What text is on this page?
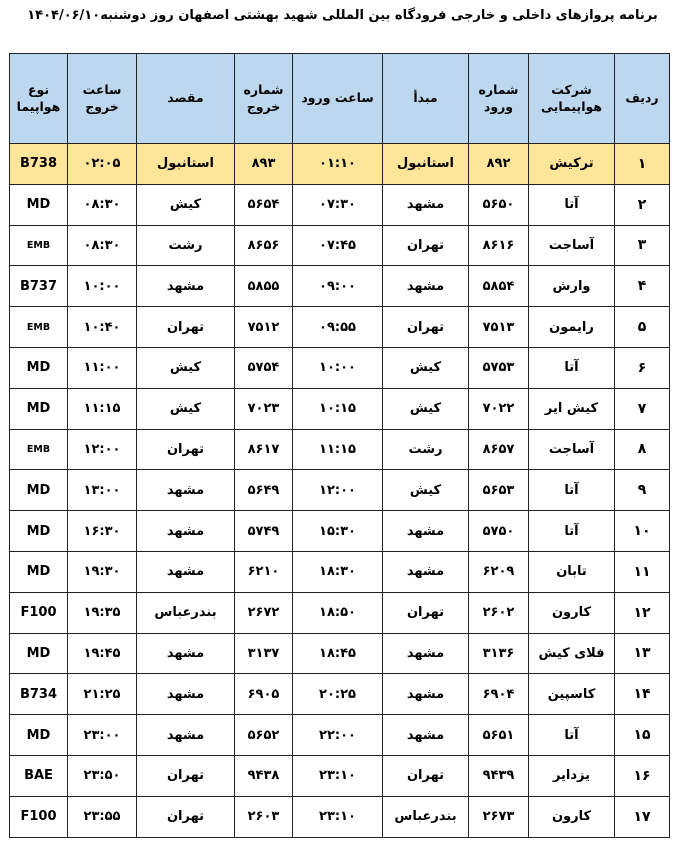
برنامه پروازهای داخلی و خارجی فرودگاه بین المللی شهید بهشتی اصفهان روز دوشنبه۱۴۰۴/۰۶/۱۰
ردیف	شرکت هواپیمایی	شماره ورود	مبدأ	ساعت ورود	شماره خروج	مقصد	ساعت خروج	نوع هواپیما
۱	ترکیش	۸۹۲	استانبول	۰۱:۱۰	۸۹۳	استانبول	۰۲:۰۵	B738
۲	آتا	۵۶۵۰	مشهد	۰۷:۳۰	۵۶۵۴	کیش	۰۸:۳۰	MD
۳	آساجت	۸۶۱۶	تهران	۰۷:۴۵	۸۶۵۶	رشت	۰۸:۳۰	EMB
۴	وارش	۵۸۵۴	مشهد	۰۹:۰۰	۵۸۵۵	مشهد	۱۰:۰۰	B737
۵	رایمون	۷۵۱۳	تهران	۰۹:۵۵	۷۵۱۲	تهران	۱۰:۴۰	EMB
۶	آتا	۵۷۵۳	کیش	۱۰:۰۰	۵۷۵۴	کیش	۱۱:۰۰	MD
۷	کیش ایر	۷۰۲۲	کیش	۱۰:۱۵	۷۰۲۳	کیش	۱۱:۱۵	MD
۸	آساجت	۸۶۵۷	رشت	۱۱:۱۵	۸۶۱۷	تهران	۱۲:۰۰	EMB
۹	آتا	۵۶۵۳	کیش	۱۲:۰۰	۵۶۴۹	مشهد	۱۳:۰۰	MD
۱۰	آتا	۵۷۵۰	مشهد	۱۵:۳۰	۵۷۴۹	مشهد	۱۶:۳۰	MD
۱۱	تابان	۶۲۰۹	مشهد	۱۸:۳۰	۶۲۱۰	مشهد	۱۹:۳۰	MD
۱۲	کارون	۲۶۰۲	تهران	۱۸:۵۰	۲۶۷۲	بندرعباس	۱۹:۳۵	F100
۱۳	فلای کیش	۳۱۳۶	مشهد	۱۸:۴۵	۳۱۳۷	مشهد	۱۹:۴۵	MD
۱۴	کاسپین	۶۹۰۴	مشهد	۲۰:۲۵	۶۹۰۵	مشهد	۲۱:۲۵	B734
۱۵	آتا	۵۶۵۱	مشهد	۲۲:۰۰	۵۶۵۲	مشهد	۲۳:۰۰	MD
۱۶	یزدایر	۹۴۳۹	تهران	۲۳:۱۰	۹۴۳۸	تهران	۲۳:۵۰	BAE
۱۷	کارون	۲۶۷۳	بندرعباس	۲۳:۱۰	۲۶۰۳	تهران	۲۳:۵۵	F100
